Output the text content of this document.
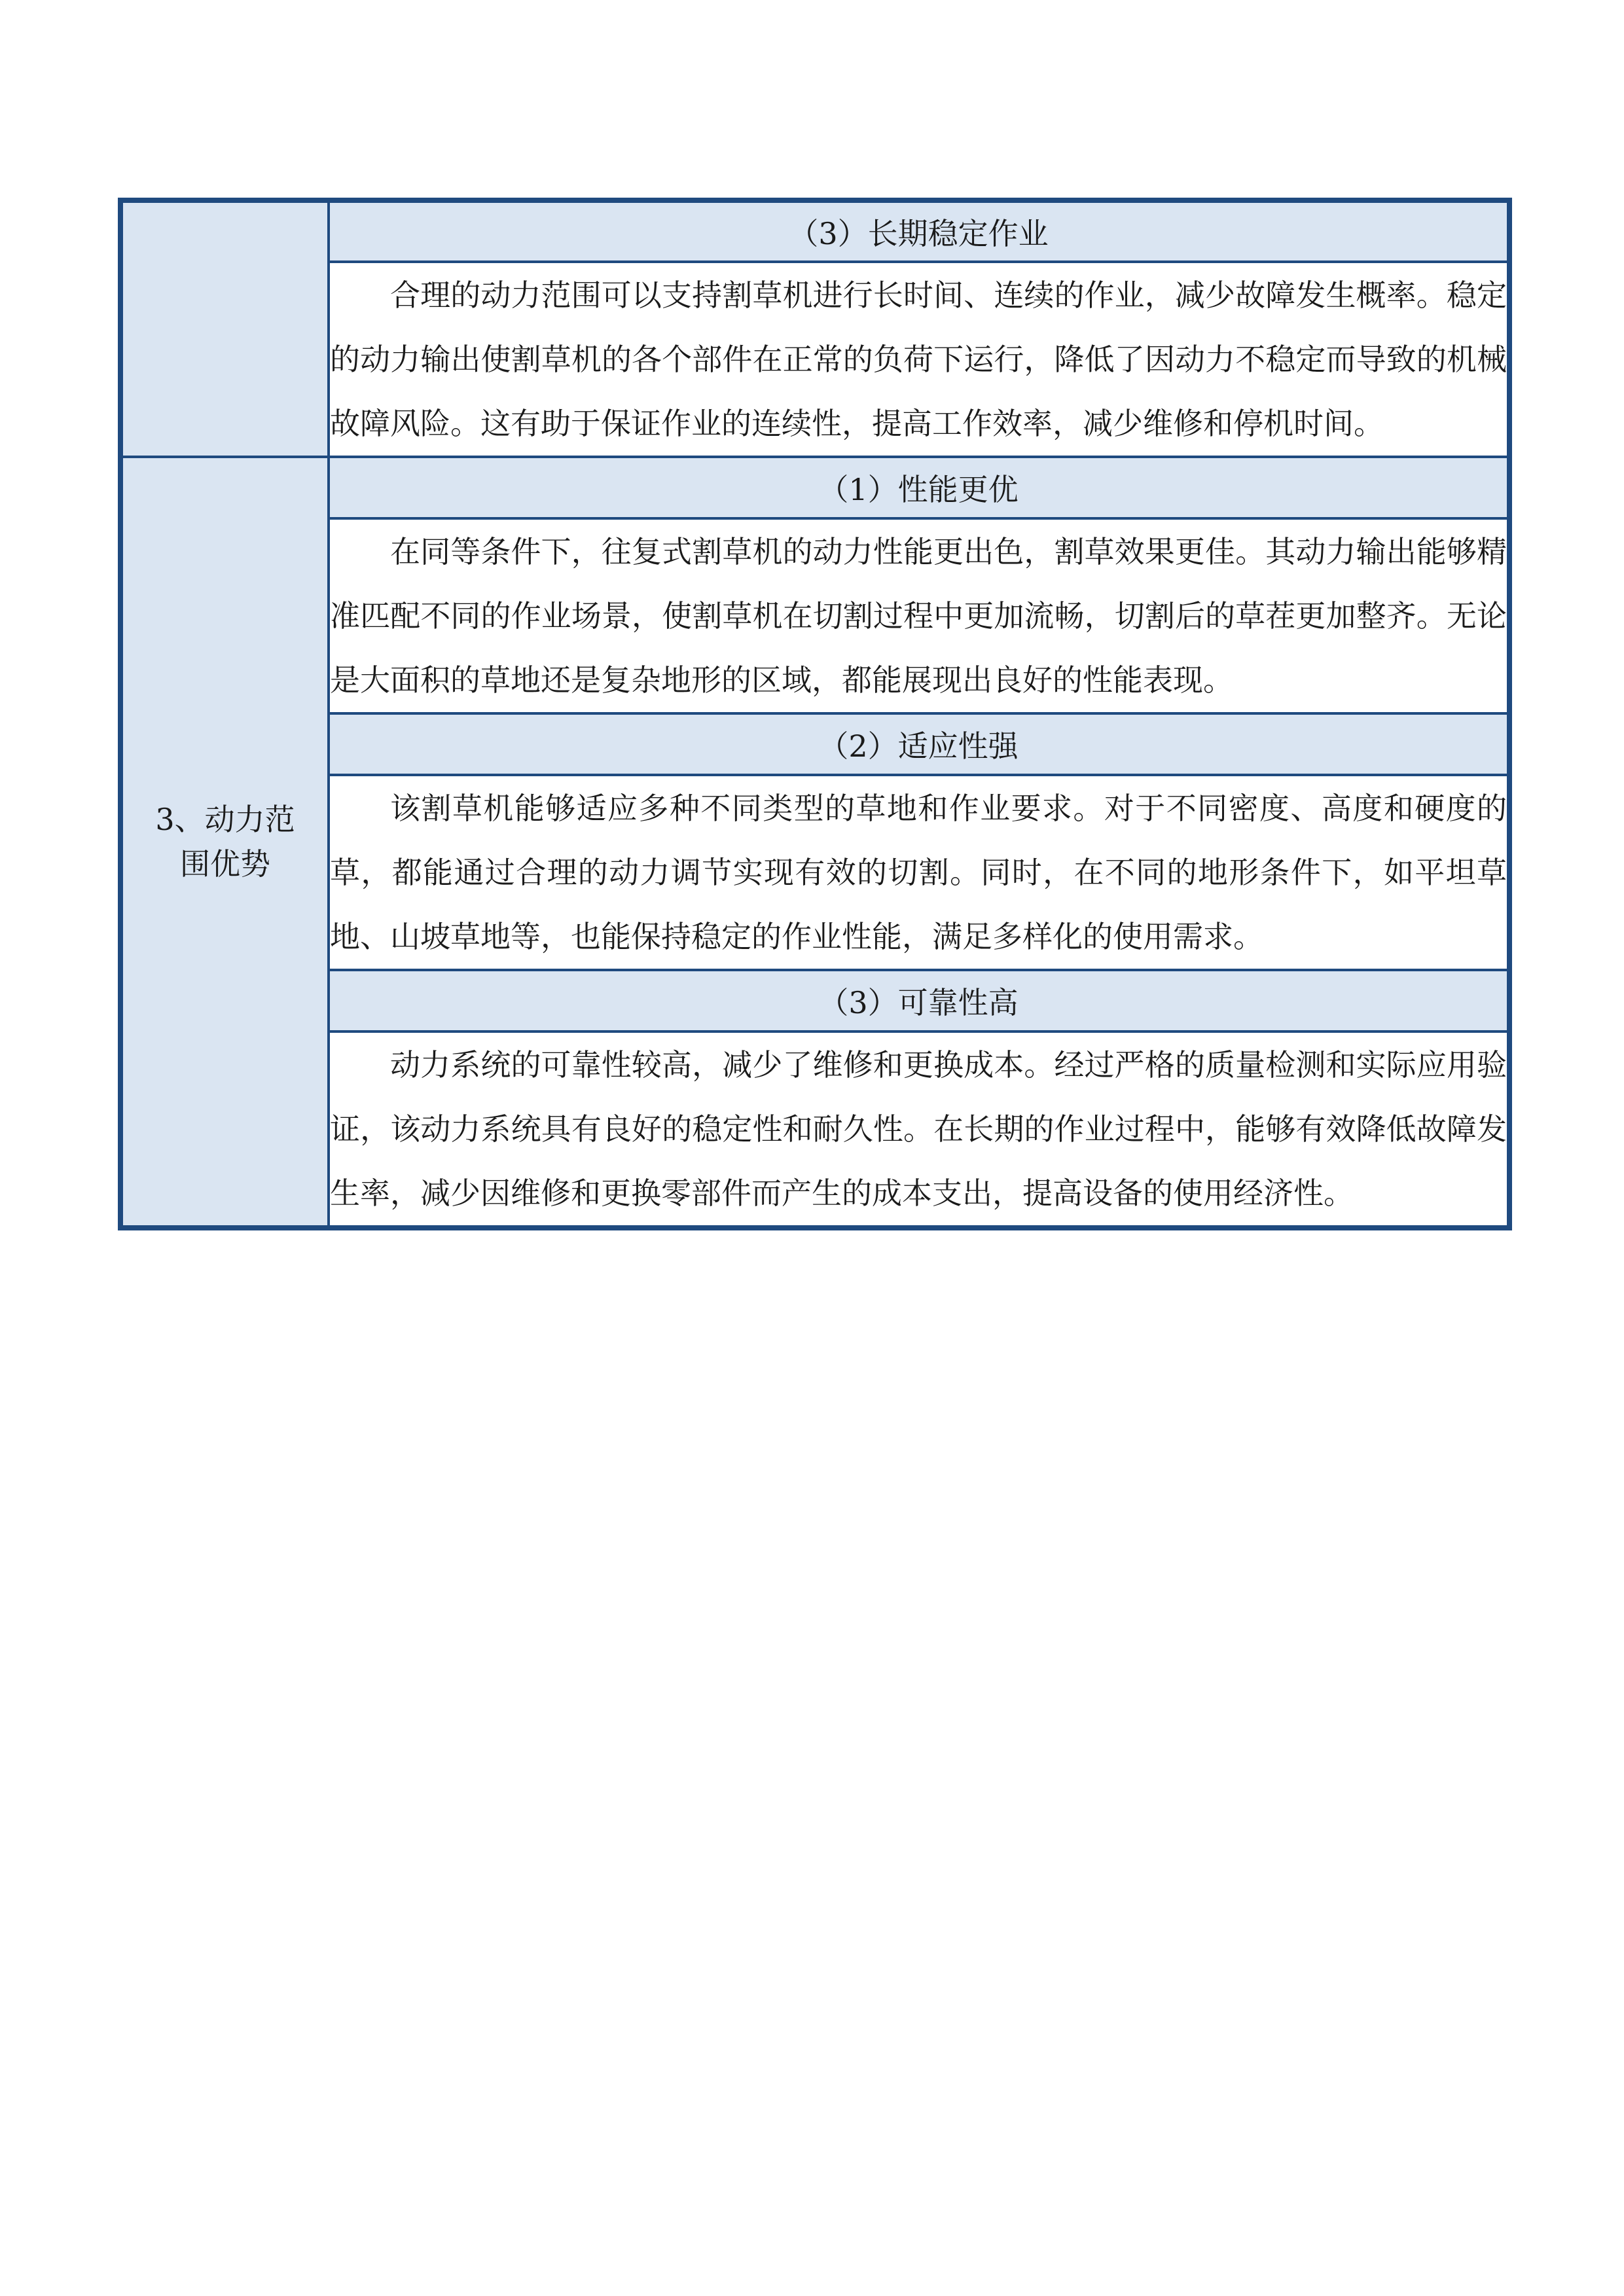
	（3）长期稳定作业
	合理的动力范围可以支持割草机进行长时间、连续的作业，减少故障发生概率。稳定的动力输出使割草机的各个部件在正常的负荷下运行，降低了因动力不稳定而导致的机械故障风险。这有助于保证作业的连续性，提高工作效率，减少维修和停机时间。
3、动力范围优势	（1）性能更优
	在同等条件下，往复式割草机的动力性能更出色，割草效果更佳。其动力输出能够精准匹配不同的作业场景，使割草机在切割过程中更加流畅，切割后的草茬更加整齐。无论是大面积的草地还是复杂地形的区域，都能展现出良好的性能表现。
	（2）适应性强
	该割草机能够适应多种不同类型的草地和作业要求。对于不同密度、高度和硬度的草，都能通过合理的动力调节实现有效的切割。同时，在不同的地形条件下，如平坦草地、山坡草地等，也能保持稳定的作业性能，满足多样化的使用需求。
	（3）可靠性高
	动力系统的可靠性较高，减少了维修和更换成本。经过严格的质量检测和实际应用验证，该动力系统具有良好的稳定性和耐久性。在长期的作业过程中，能够有效降低故障发生率，减少因维修和更换零部件而产生的成本支出，提高设备的使用经济性。
